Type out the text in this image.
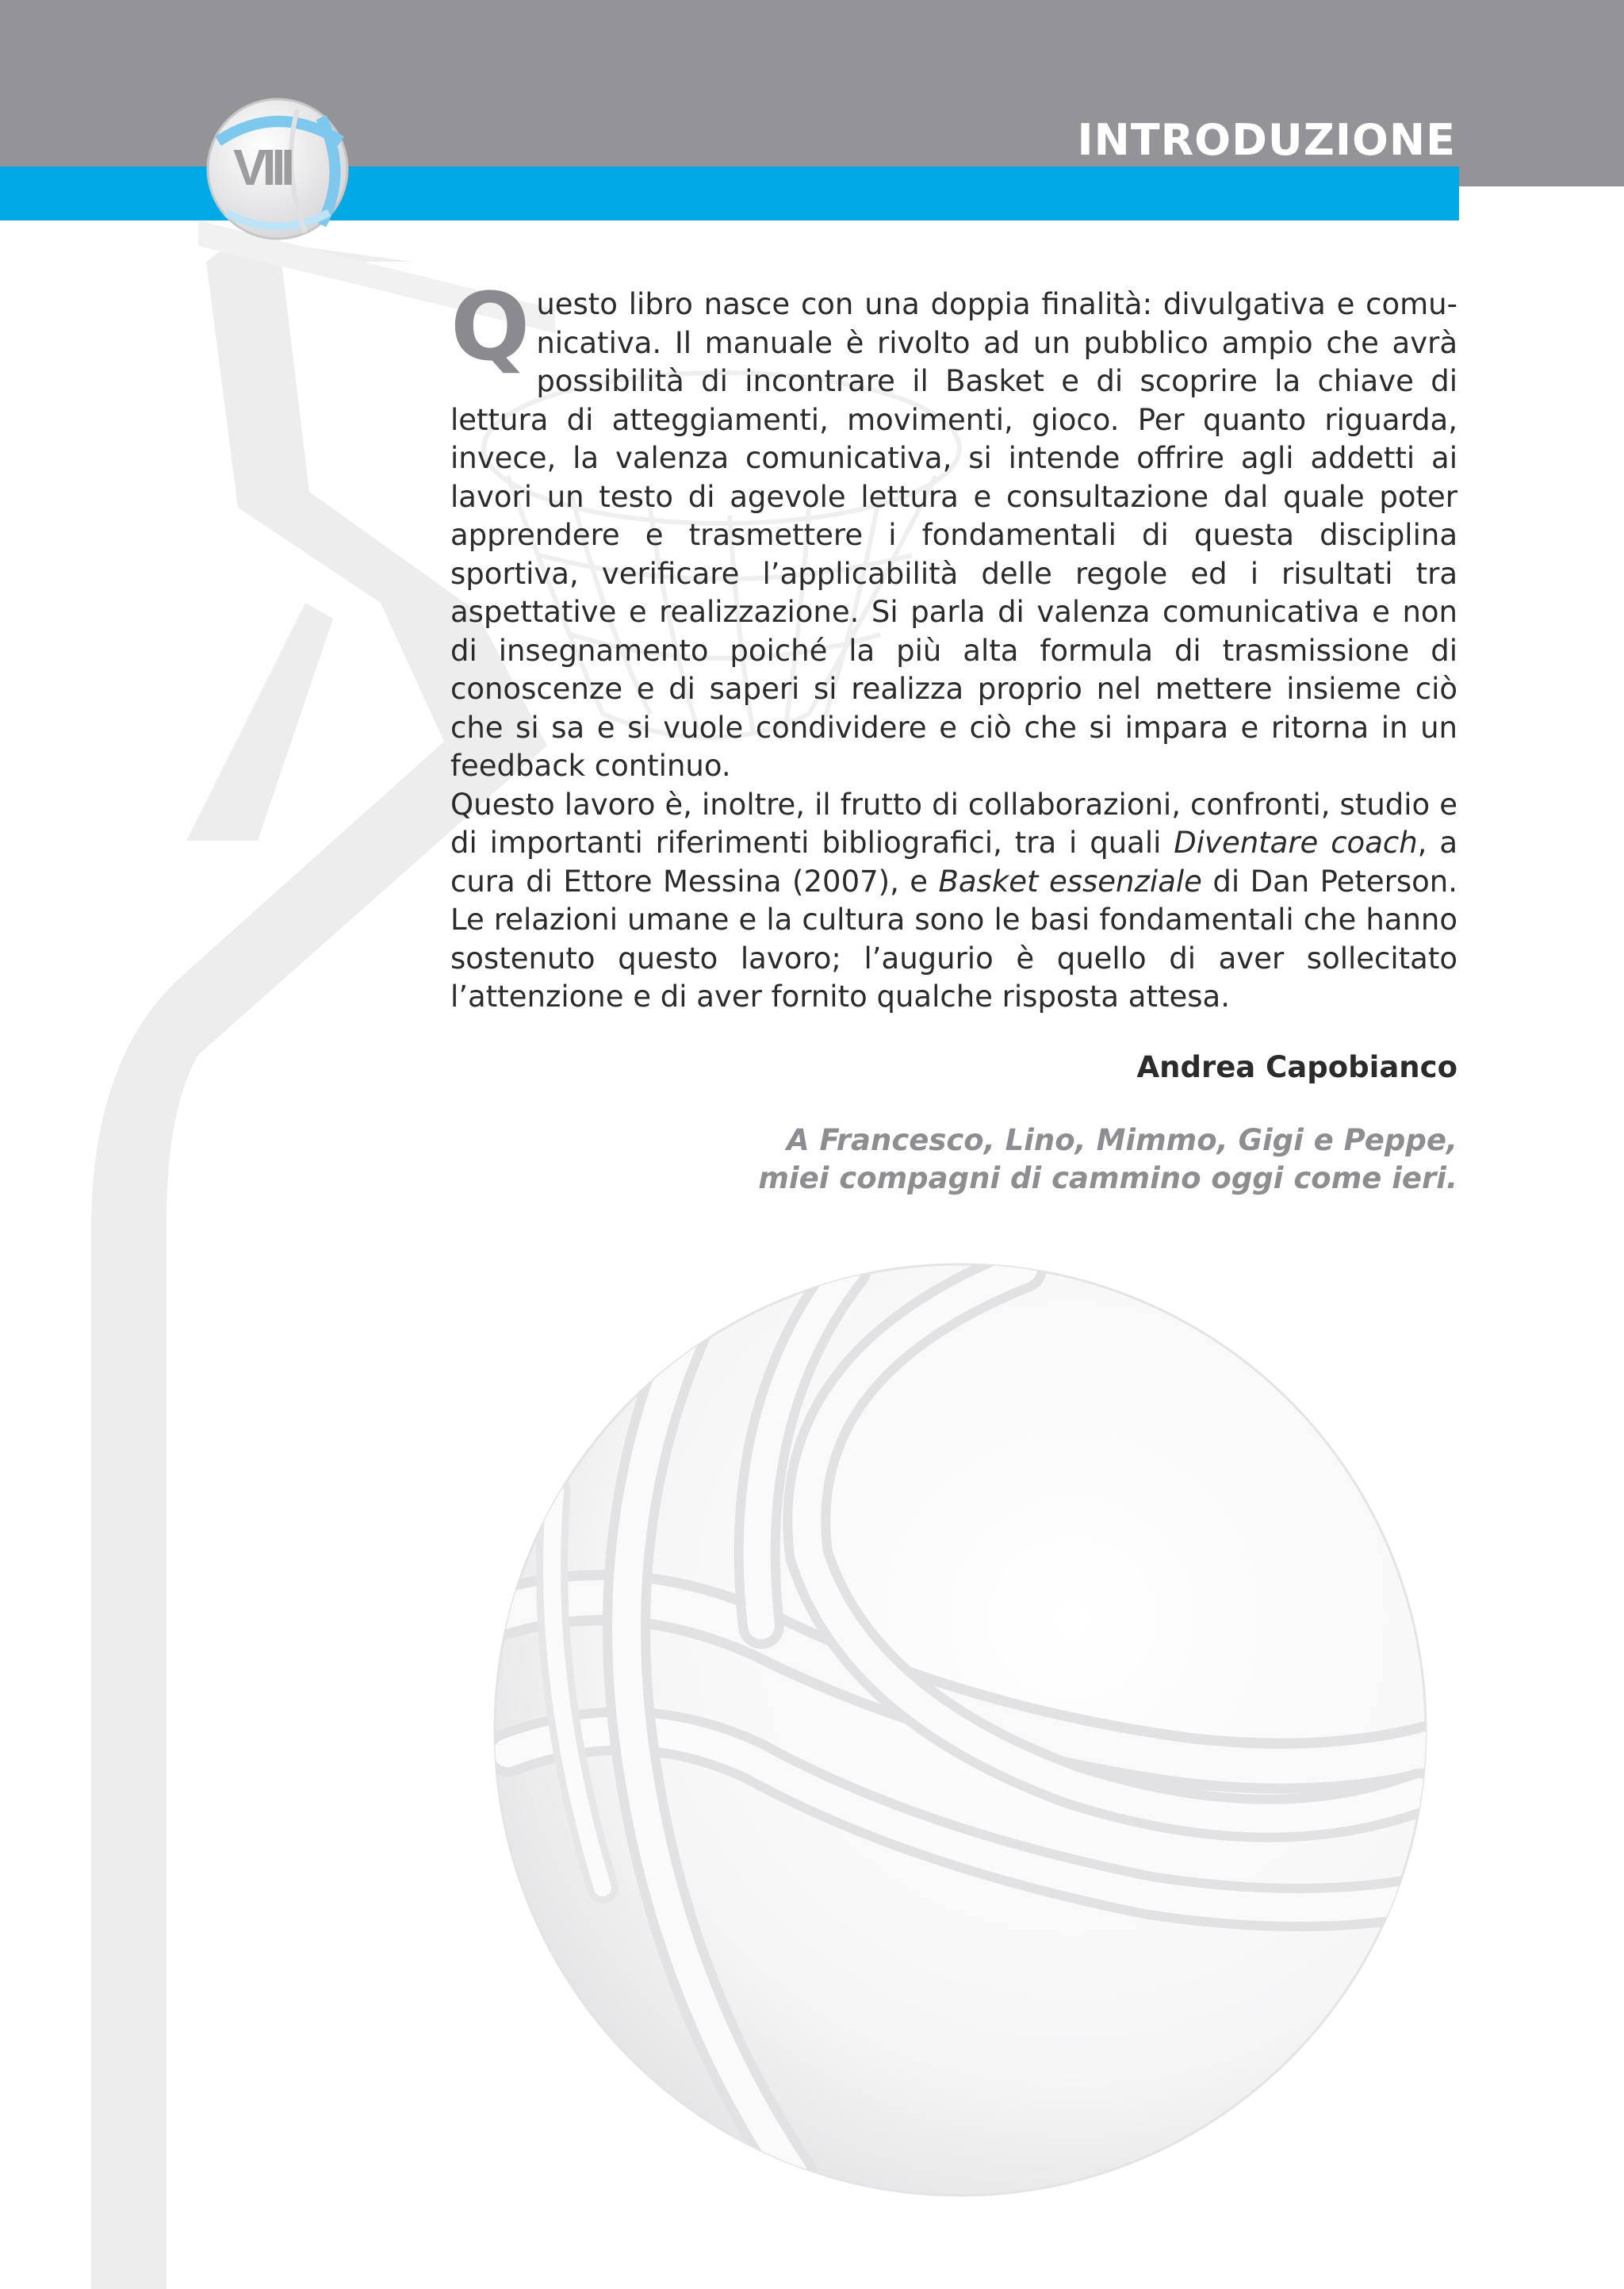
INTRODUZIONE
VIII

Questo libro nasce con una doppia finalità: divulgativa e comunicativa. Il manuale è rivolto ad un pubblico ampio che avrà possibilità di incontrare il Basket e di scoprire la chiave di lettura di atteggiamenti, movimenti, gioco. Per quanto riguarda, invece, la valenza comunicativa, si intende offrire agli addetti ai lavori un testo di agevole lettura e consultazione dal quale poter apprendere e trasmettere i fondamentali di questa disciplina sportiva, verificare l’applicabilità delle regole ed i risultati tra aspettative e realizzazione. Si parla di valenza comunicativa e non di insegnamento poiché la più alta formula di trasmissione di conoscenze e di saperi si realizza proprio nel mettere insieme ciò che si sa e si vuole condividere e ciò che si impara e ritorna in un feedback continuo.

Questo lavoro è, inoltre, il frutto di collaborazioni, confronti, studio e di importanti riferimenti bibliografici, tra i quali Diventare coach, a cura di Ettore Messina (2007), e Basket essenziale di Dan Peterson. Le relazioni umane e la cultura sono le basi fondamentali che hanno sostenuto questo lavoro; l’augurio è quello di aver sollecitato l’attenzione e di aver fornito qualche risposta attesa.

Andrea Capobianco
A Francesco, Lino, Mimmo, Gigi e Peppe,
miei compagni di cammino oggi come ieri.
